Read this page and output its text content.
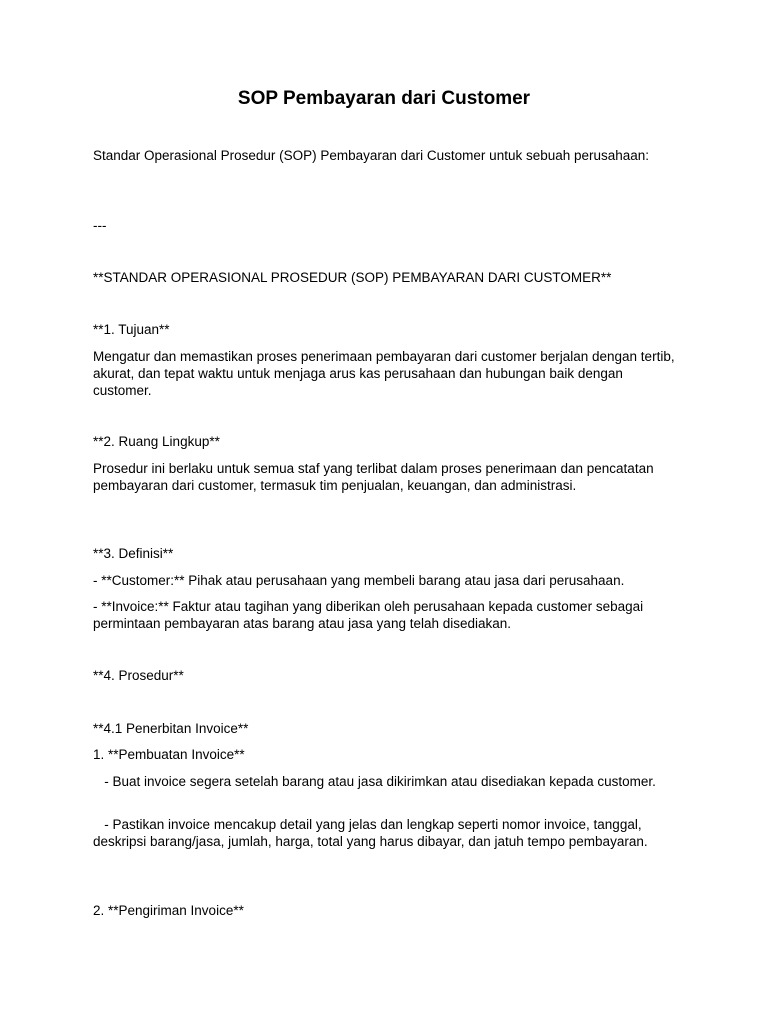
SOP Pembayaran dari Customer

Standar Operasional Prosedur (SOP) Pembayaran dari Customer untuk sebuah perusahaan:

---

**STANDAR OPERASIONAL PROSEDUR (SOP) PEMBAYARAN DARI CUSTOMER**

**1. Tujuan**

Mengatur dan memastikan proses penerimaan pembayaran dari customer berjalan dengan tertib, akurat, dan tepat waktu untuk menjaga arus kas perusahaan dan hubungan baik dengan customer.

**2. Ruang Lingkup**

Prosedur ini berlaku untuk semua staf yang terlibat dalam proses penerimaan dan pencatatan pembayaran dari customer, termasuk tim penjualan, keuangan, dan administrasi.

**3. Definisi**

- **Customer:** Pihak atau perusahaan yang membeli barang atau jasa dari perusahaan.

- **Invoice:** Faktur atau tagihan yang diberikan oleh perusahaan kepada customer sebagai permintaan pembayaran atas barang atau jasa yang telah disediakan.

**4. Prosedur**

**4.1 Penerbitan Invoice**

1. **Pembuatan Invoice**

- Buat invoice segera setelah barang atau jasa dikirimkan atau disediakan kepada customer.

- Pastikan invoice mencakup detail yang jelas dan lengkap seperti nomor invoice, tanggal, deskripsi barang/jasa, jumlah, harga, total yang harus dibayar, dan jatuh tempo pembayaran.

2. **Pengiriman Invoice**
